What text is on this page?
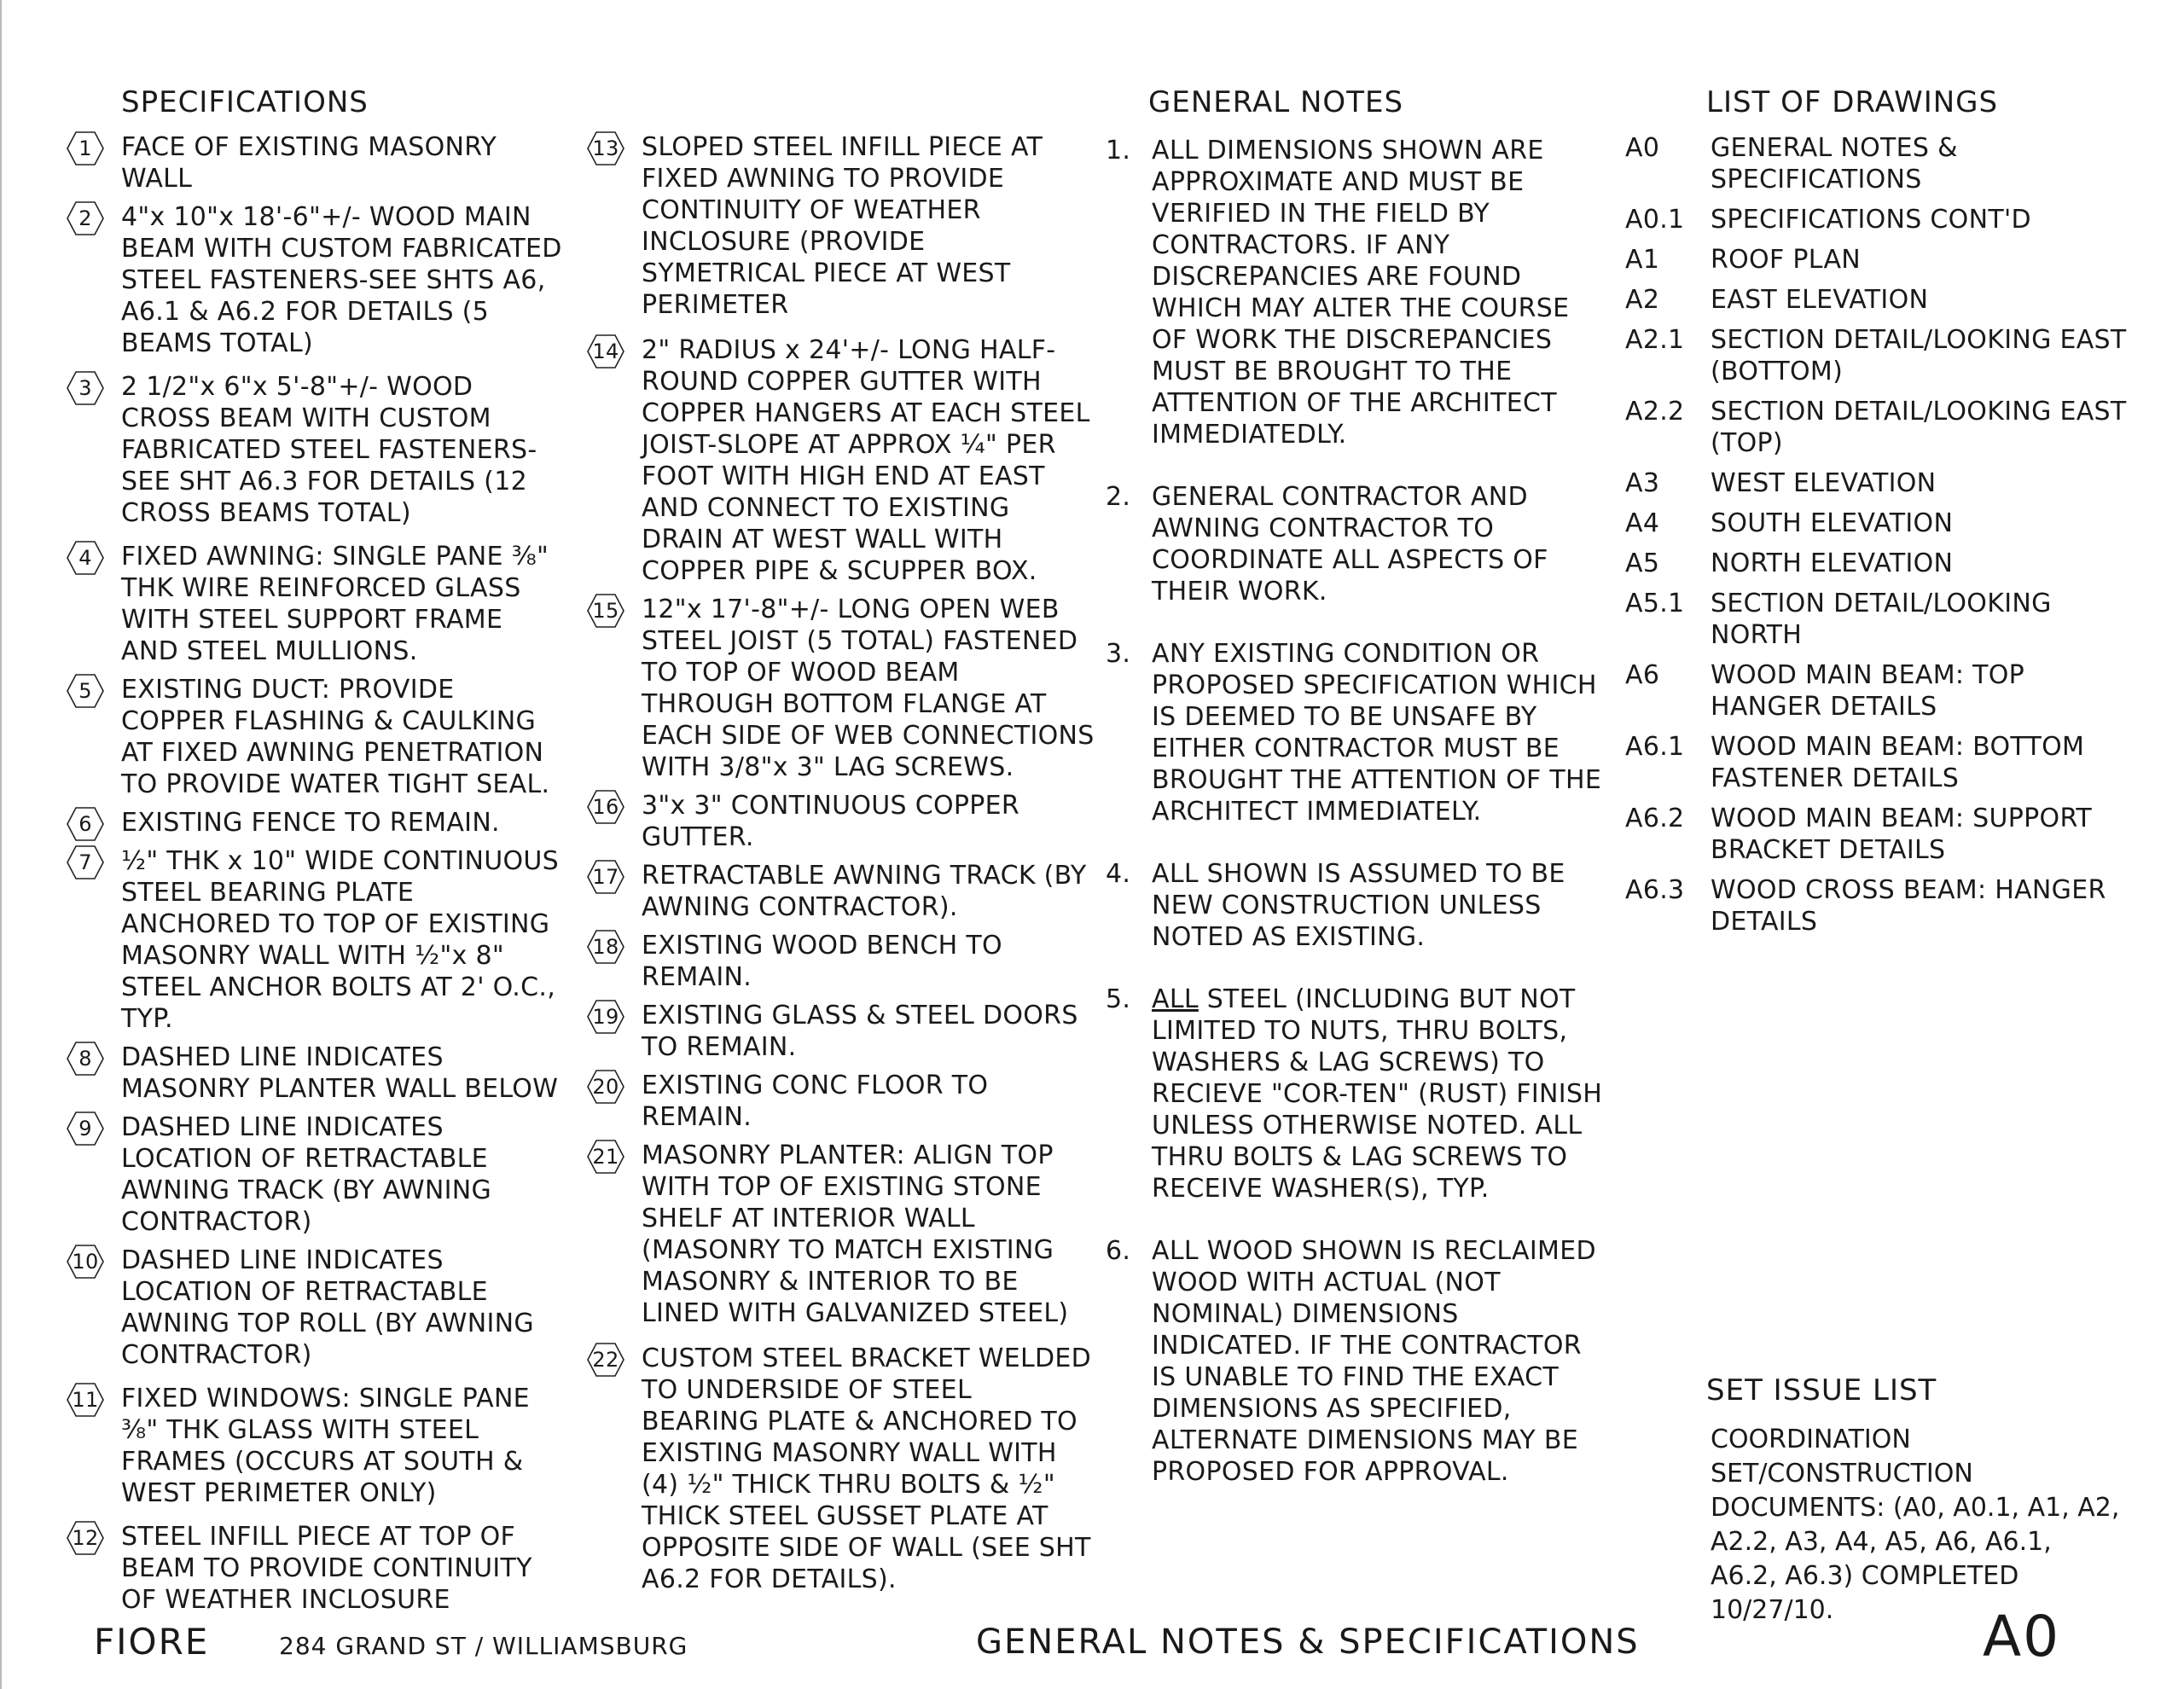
SPECIFICATIONS
1	FACE OF EXISTING MASONRY WALL
2	4"x 10"x 18'-6"+/- WOOD MAIN BEAM WITH CUSTOM FABRICATED STEEL FASTENERS-SEE SHTS A6, A6.1 & A6.2 FOR DETAILS (5 BEAMS TOTAL)
3	2 1/2"x 6"x 5'-8"+/- WOOD CROSS BEAM WITH CUSTOM FABRICATED STEEL FASTENERS-SEE SHT A6.3 FOR DETAILS (12 CROSS BEAMS TOTAL)
4	FIXED AWNING: SINGLE PANE ⅜" THK WIRE REINFORCED GLASS WITH STEEL SUPPORT FRAME AND STEEL MULLIONS.
5	EXISTING DUCT: PROVIDE COPPER FLASHING & CAULKING AT FIXED AWNING PENETRATION TO PROVIDE WATER TIGHT SEAL.
6	EXISTING FENCE TO REMAIN.
7	½" THK x 10" WIDE CONTINUOUS STEEL BEARING PLATE ANCHORED TO TOP OF EXISTING MASONRY WALL WITH ½"x 8" STEEL ANCHOR BOLTS AT 2' O.C., TYP.
8	DASHED LINE INDICATES MASONRY PLANTER WALL BELOW
9	DASHED LINE INDICATES LOCATION OF RETRACTABLE AWNING TRACK (BY AWNING CONTRACTOR)
10 DASHED LINE INDICATES LOCATION OF RETRACTABLE AWNING TOP ROLL (BY AWNING CONTRACTOR)
11 FIXED WINDOWS: SINGLE PANE ⅜" THK GLASS WITH STEEL FRAMES (OCCURS AT SOUTH & WEST PERIMETER ONLY)
12 STEEL INFILL PIECE AT TOP OF BEAM TO PROVIDE CONTINUITY OF WEATHER INCLOSURE
13 SLOPED STEEL INFILL PIECE AT FIXED AWNING TO PROVIDE CONTINUITY OF WEATHER INCLOSURE (PROVIDE SYMETRICAL PIECE AT WEST PERIMETER
14 2" RADIUS x 24'+/- LONG HALF-ROUND COPPER GUTTER WITH COPPER HANGERS AT EACH STEEL JOIST-SLOPE AT APPROX ¼" PER FOOT WITH HIGH END AT EAST AND CONNECT TO EXISTING DRAIN AT WEST WALL WITH COPPER PIPE & SCUPPER BOX.
15 12"x 17'-8"+/- LONG OPEN WEB STEEL JOIST (5 TOTAL) FASTENED TO TOP OF WOOD BEAM THROUGH BOTTOM FLANGE AT EACH SIDE OF WEB CONNECTIONS WITH 3/8"x 3" LAG SCREWS.
16 3"x 3" CONTINUOUS COPPER GUTTER.
17 RETRACTABLE AWNING TRACK (BY AWNING CONTRACTOR).
18 EXISTING WOOD BENCH TO REMAIN.
19 EXISTING GLASS & STEEL DOORS TO REMAIN.
20 EXISTING CONC FLOOR TO REMAIN.
21 MASONRY PLANTER: ALIGN TOP WITH TOP OF EXISTING STONE SHELF AT INTERIOR WALL (MASONRY TO MATCH EXISTING MASONRY & INTERIOR TO BE LINED WITH GALVANIZED STEEL)
22 CUSTOM STEEL BRACKET WELDED TO UNDERSIDE OF STEEL BEARING PLATE & ANCHORED TO EXISTING MASONRY WALL WITH (4) ½" THICK THRU BOLTS & ½" THICK STEEL GUSSET PLATE AT OPPOSITE SIDE OF WALL (SEE SHT A6.2 FOR DETAILS).
GENERAL NOTES
1. ALL DIMENSIONS SHOWN ARE APPROXIMATE AND MUST BE VERIFIED IN THE FIELD BY CONTRACTORS. IF ANY DISCREPANCIES ARE FOUND WHICH MAY ALTER THE COURSE OF WORK THE DISCREPANCIES MUST BE BROUGHT TO THE ATTENTION OF THE ARCHITECT IMMEDIATEDLY.
2. GENERAL CONTRACTOR AND AWNING CONTRACTOR TO COORDINATE ALL ASPECTS OF THEIR WORK.
3. ANY EXISTING CONDITION OR PROPOSED SPECIFICATION WHICH IS DEEMED TO BE UNSAFE BY EITHER CONTRACTOR MUST BE BROUGHT THE ATTENTION OF THE ARCHITECT IMMEDIATELY.
4. ALL SHOWN IS ASSUMED TO BE NEW CONSTRUCTION UNLESS NOTED AS EXISTING.
5. ALL STEEL (INCLUDING BUT NOT LIMITED TO NUTS, THRU BOLTS, WASHERS & LAG SCREWS) TO RECIEVE "COR-TEN" (RUST) FINISH UNLESS OTHERWISE NOTED. ALL THRU BOLTS & LAG SCREWS TO RECEIVE WASHER(S), TYP.
6. ALL WOOD SHOWN IS RECLAIMED WOOD WITH ACTUAL (NOT NOMINAL) DIMENSIONS INDICATED. IF THE CONTRACTOR IS UNABLE TO FIND THE EXACT DIMENSIONS AS SPECIFIED, ALTERNATE DIMENSIONS MAY BE PROPOSED FOR APPROVAL.
LIST OF DRAWINGS
A0 GENERAL NOTES & SPECIFICATIONS
A0.1 SPECIFICATIONS CONT'D
A1 ROOF PLAN
A2 EAST ELEVATION
A2.1 SECTION DETAIL/LOOKING EAST (BOTTOM)
A2.2 SECTION DETAIL/LOOKING EAST (TOP)
A3 WEST ELEVATION
A4 SOUTH ELEVATION
A5 NORTH ELEVATION
A5.1 SECTION DETAIL/LOOKING NORTH
A6 WOOD MAIN BEAM: TOP HANGER DETAILS
A6.1 WOOD MAIN BEAM: BOTTOM FASTENER DETAILS
A6.2 WOOD MAIN BEAM: SUPPORT BRACKET DETAILS
A6.3 WOOD CROSS BEAM: HANGER DETAILS
SET ISSUE LIST
COORDINATION SET/CONSTRUCTION DOCUMENTS: (A0, A0.1, A1, A2, A2.2, A3, A4, A5, A6, A6.1, A6.2, A6.3) COMPLETED 10/27/10.
FIORE	284 GRAND ST / WILLIAMSBURG	GENERAL NOTES & SPECIFICATIONS	A0
